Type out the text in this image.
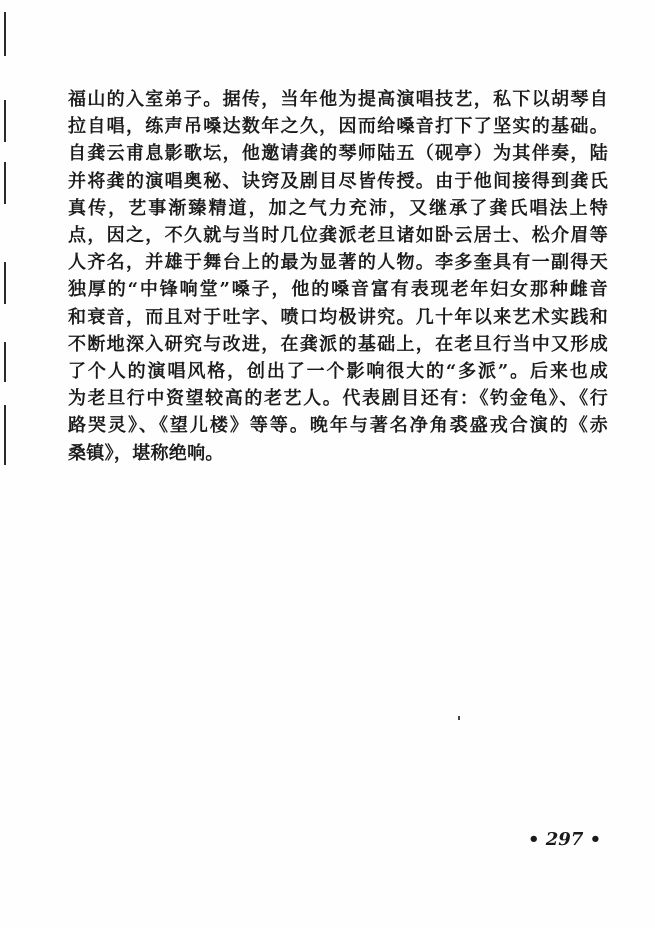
福山的入室弟子。据传，当年他为提高演唱技艺，私下以胡琴自
拉自唱，练声吊嗓达数年之久，因而给嗓音打下了坚实的基础。
自龚云甫息影歌坛，他邀请龚的琴师陆五（砚亭）为其伴奏，陆
并将龚的演唱奥秘、诀窍及剧目尽皆传授。由于他间接得到龚氏
真传，艺事渐臻精道，加之气力充沛，又继承了龚氏唱法上特
点，因之，不久就与当时几位龚派老旦诸如卧云居士、松介眉等
人齐名，并雄于舞台上的最为显著的人物。李多奎具有一副得天
独厚的“中锋响堂”嗓子，他的嗓音富有表现老年妇女那种雌音
和衰音，而且对于吐字、喷口均极讲究。几十年以来艺术实践和
不断地深入研究与改进，在龚派的基础上，在老旦行当中又形成
了个人的演唱风格，创出了一个影响很大的“多派”。后来也成
为老旦行中资望较高的老艺人。代表剧目还有：《钓金龟》、《行
路哭灵》、《望儿楼》等等。晚年与著名净角裘盛戎合演的《赤
桑镇》，堪称绝响。

• 297 •
